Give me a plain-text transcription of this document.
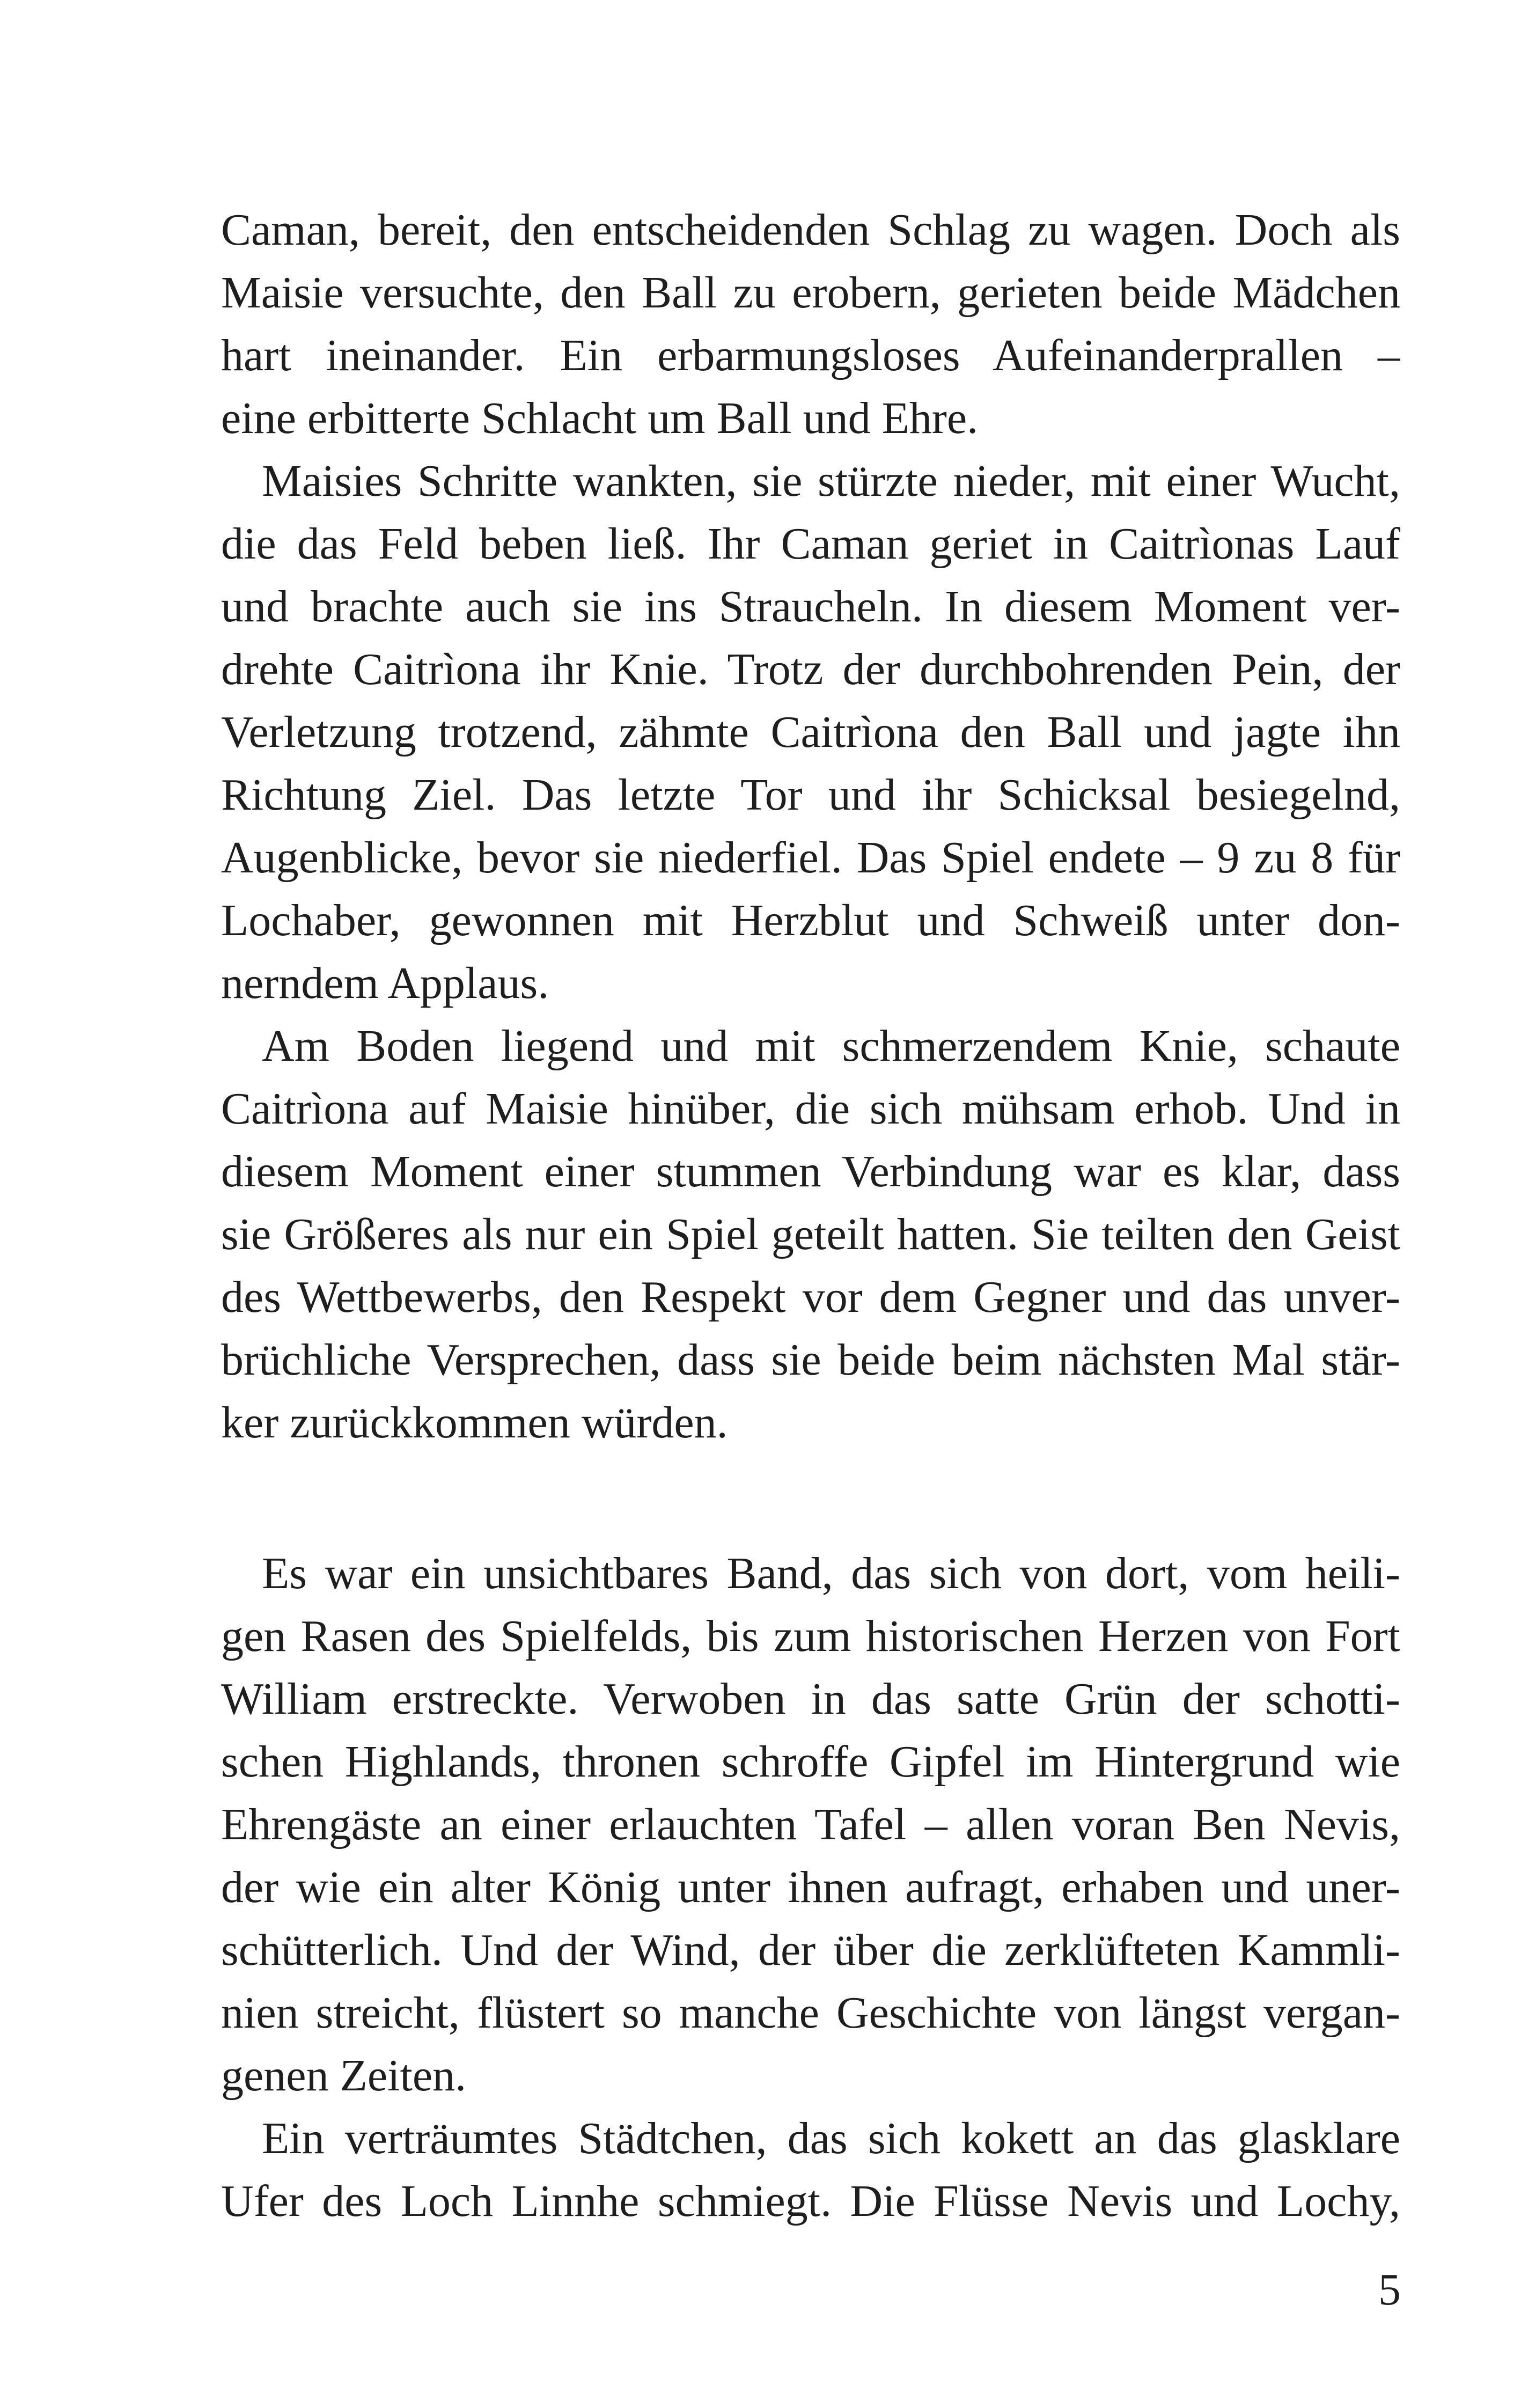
Caman, bereit, den entscheidenden Schlag zu wagen. Doch als
Maisie versuchte, den Ball zu erobern, gerieten beide Mädchen
hart ineinander. Ein erbarmungsloses Aufeinanderprallen –
eine erbitterte Schlacht um Ball und Ehre.

Maisies Schritte wankten, sie stürzte nieder, mit einer Wucht,
die das Feld beben ließ. Ihr Caman geriet in Caitrìonas Lauf
und brachte auch sie ins Straucheln. In diesem Moment ver-
drehte Caitrìona ihr Knie. Trotz der durchbohrenden Pein, der
Verletzung trotzend, zähmte Caitrìona den Ball und jagte ihn
Richtung Ziel. Das letzte Tor und ihr Schicksal besiegelnd,
Augenblicke, bevor sie niederfiel. Das Spiel endete – 9 zu 8 für
Lochaber, gewonnen mit Herzblut und Schweiß unter don-
nerndem Applaus.

Am Boden liegend und mit schmerzendem Knie, schaute
Caitrìona auf Maisie hinüber, die sich mühsam erhob. Und in
diesem Moment einer stummen Verbindung war es klar, dass
sie Größeres als nur ein Spiel geteilt hatten. Sie teilten den Geist
des Wettbewerbs, den Respekt vor dem Gegner und das unver-
brüchliche Versprechen, dass sie beide beim nächsten Mal stär-
ker zurückkommen würden.

Es war ein unsichtbares Band, das sich von dort, vom heili-
gen Rasen des Spielfelds, bis zum historischen Herzen von Fort
William erstreckte. Verwoben in das satte Grün der schotti-
schen Highlands, thronen schroffe Gipfel im Hintergrund wie
Ehrengäste an einer erlauchten Tafel – allen voran Ben Nevis,
der wie ein alter König unter ihnen aufragt, erhaben und uner-
schütterlich. Und der Wind, der über die zerklüfteten Kammli-
nien streicht, flüstert so manche Geschichte von längst vergan-
genen Zeiten.

Ein verträumtes Städtchen, das sich kokett an das glasklare
Ufer des Loch Linnhe schmiegt. Die Flüsse Nevis und Lochy,

5
